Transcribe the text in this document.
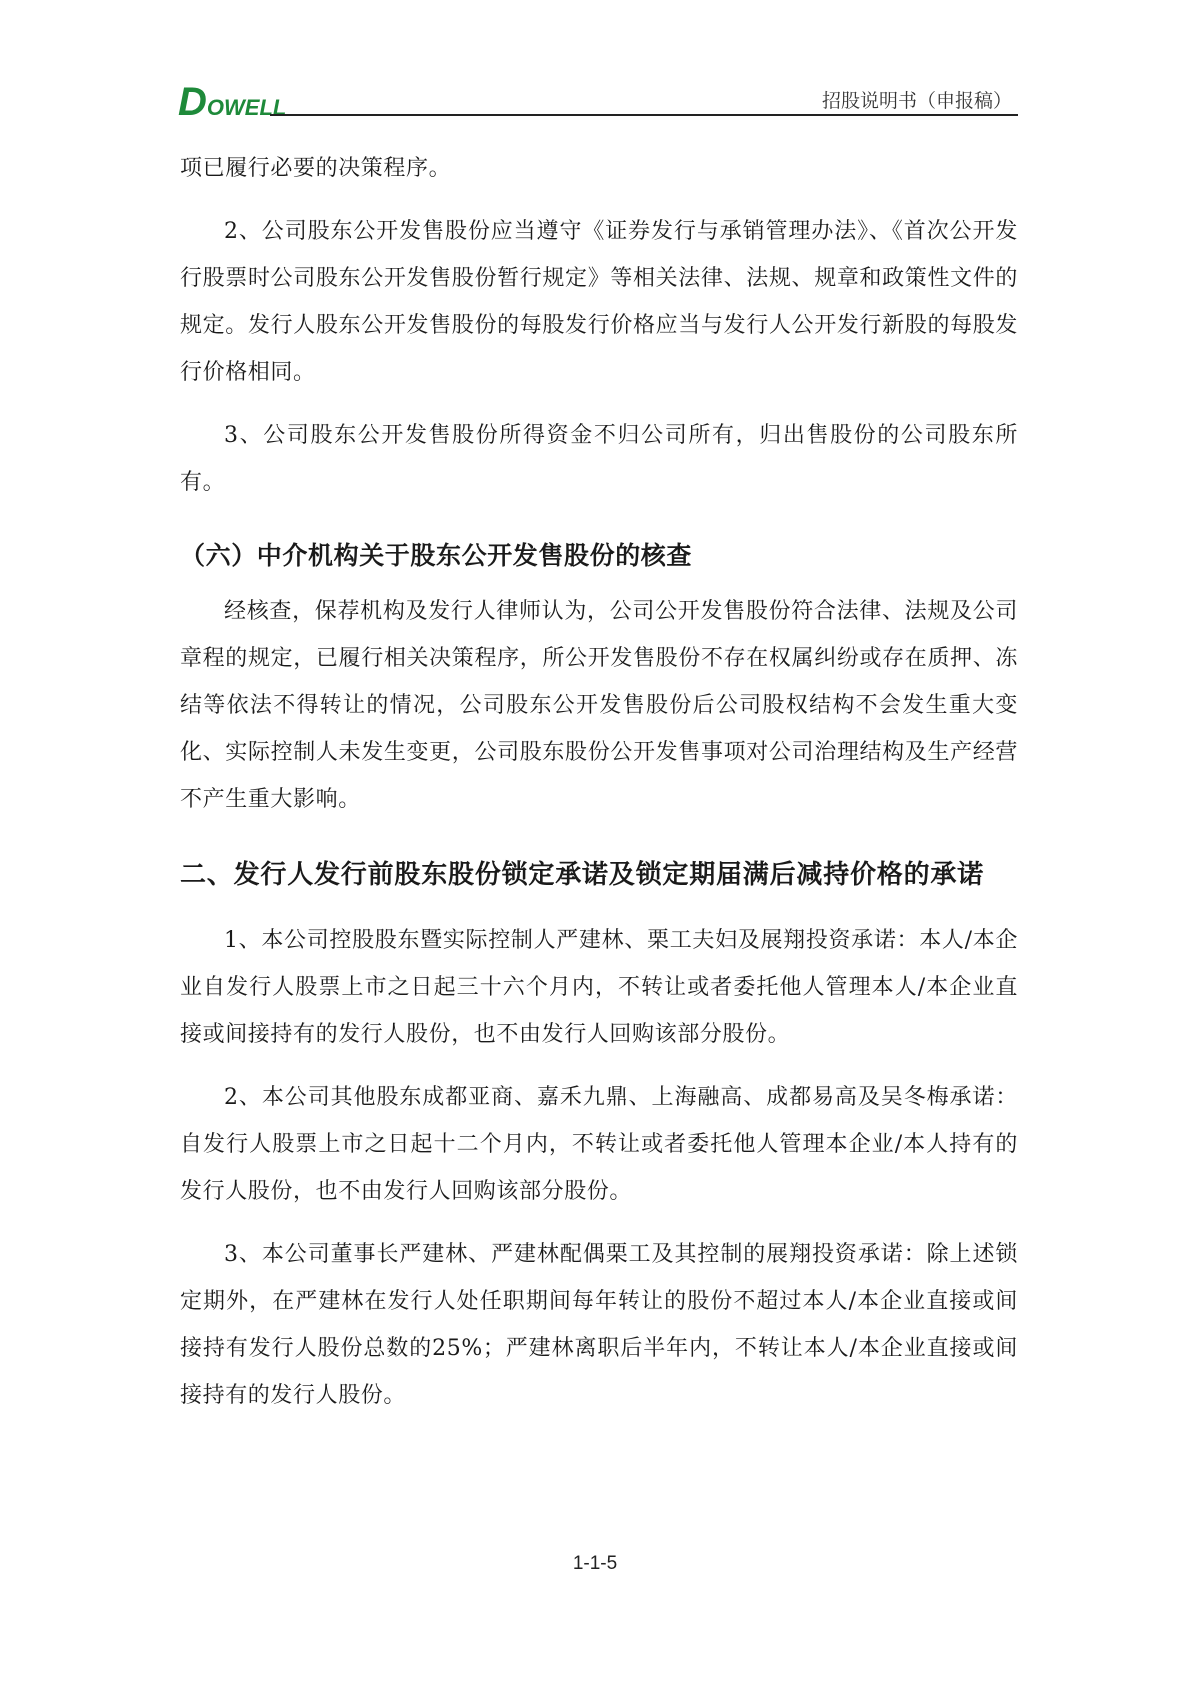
DOWELL	招股说明书（申报稿）

项已履行必要的决策程序。

2、公司股东公开发售股份应当遵守《证券发行与承销管理办法》、《首次公开发行股票时公司股东公开发售股份暂行规定》等相关法律、法规、规章和政策性文件的规定。发行人股东公开发售股份的每股发行价格应当与发行人公开发行新股的每股发行价格相同。

3、公司股东公开发售股份所得资金不归公司所有，归出售股份的公司股东所有。

（六）中介机构关于股东公开发售股份的核查

经核查，保荐机构及发行人律师认为，公司公开发售股份符合法律、法规及公司章程的规定，已履行相关决策程序，所公开发售股份不存在权属纠纷或存在质押、冻结等依法不得转让的情况，公司股东公开发售股份后公司股权结构不会发生重大变化、实际控制人未发生变更，公司股东股份公开发售事项对公司治理结构及生产经营不产生重大影响。

二、发行人发行前股东股份锁定承诺及锁定期届满后减持价格的承诺

1、本公司控股股东暨实际控制人严建林、栗工夫妇及展翔投资承诺：本人/本企业自发行人股票上市之日起三十六个月内，不转让或者委托他人管理本人/本企业直接或间接持有的发行人股份，也不由发行人回购该部分股份。

2、本公司其他股东成都亚商、嘉禾九鼎、上海融高、成都易高及吴冬梅承诺：自发行人股票上市之日起十二个月内，不转让或者委托他人管理本企业/本人持有的发行人股份，也不由发行人回购该部分股份。

3、本公司董事长严建林、严建林配偶栗工及其控制的展翔投资承诺：除上述锁定期外，在严建林在发行人处任职期间每年转让的股份不超过本人/本企业直接或间接持有发行人股份总数的25%；严建林离职后半年内，不转让本人/本企业直接或间接持有的发行人股份。

1-1-5
